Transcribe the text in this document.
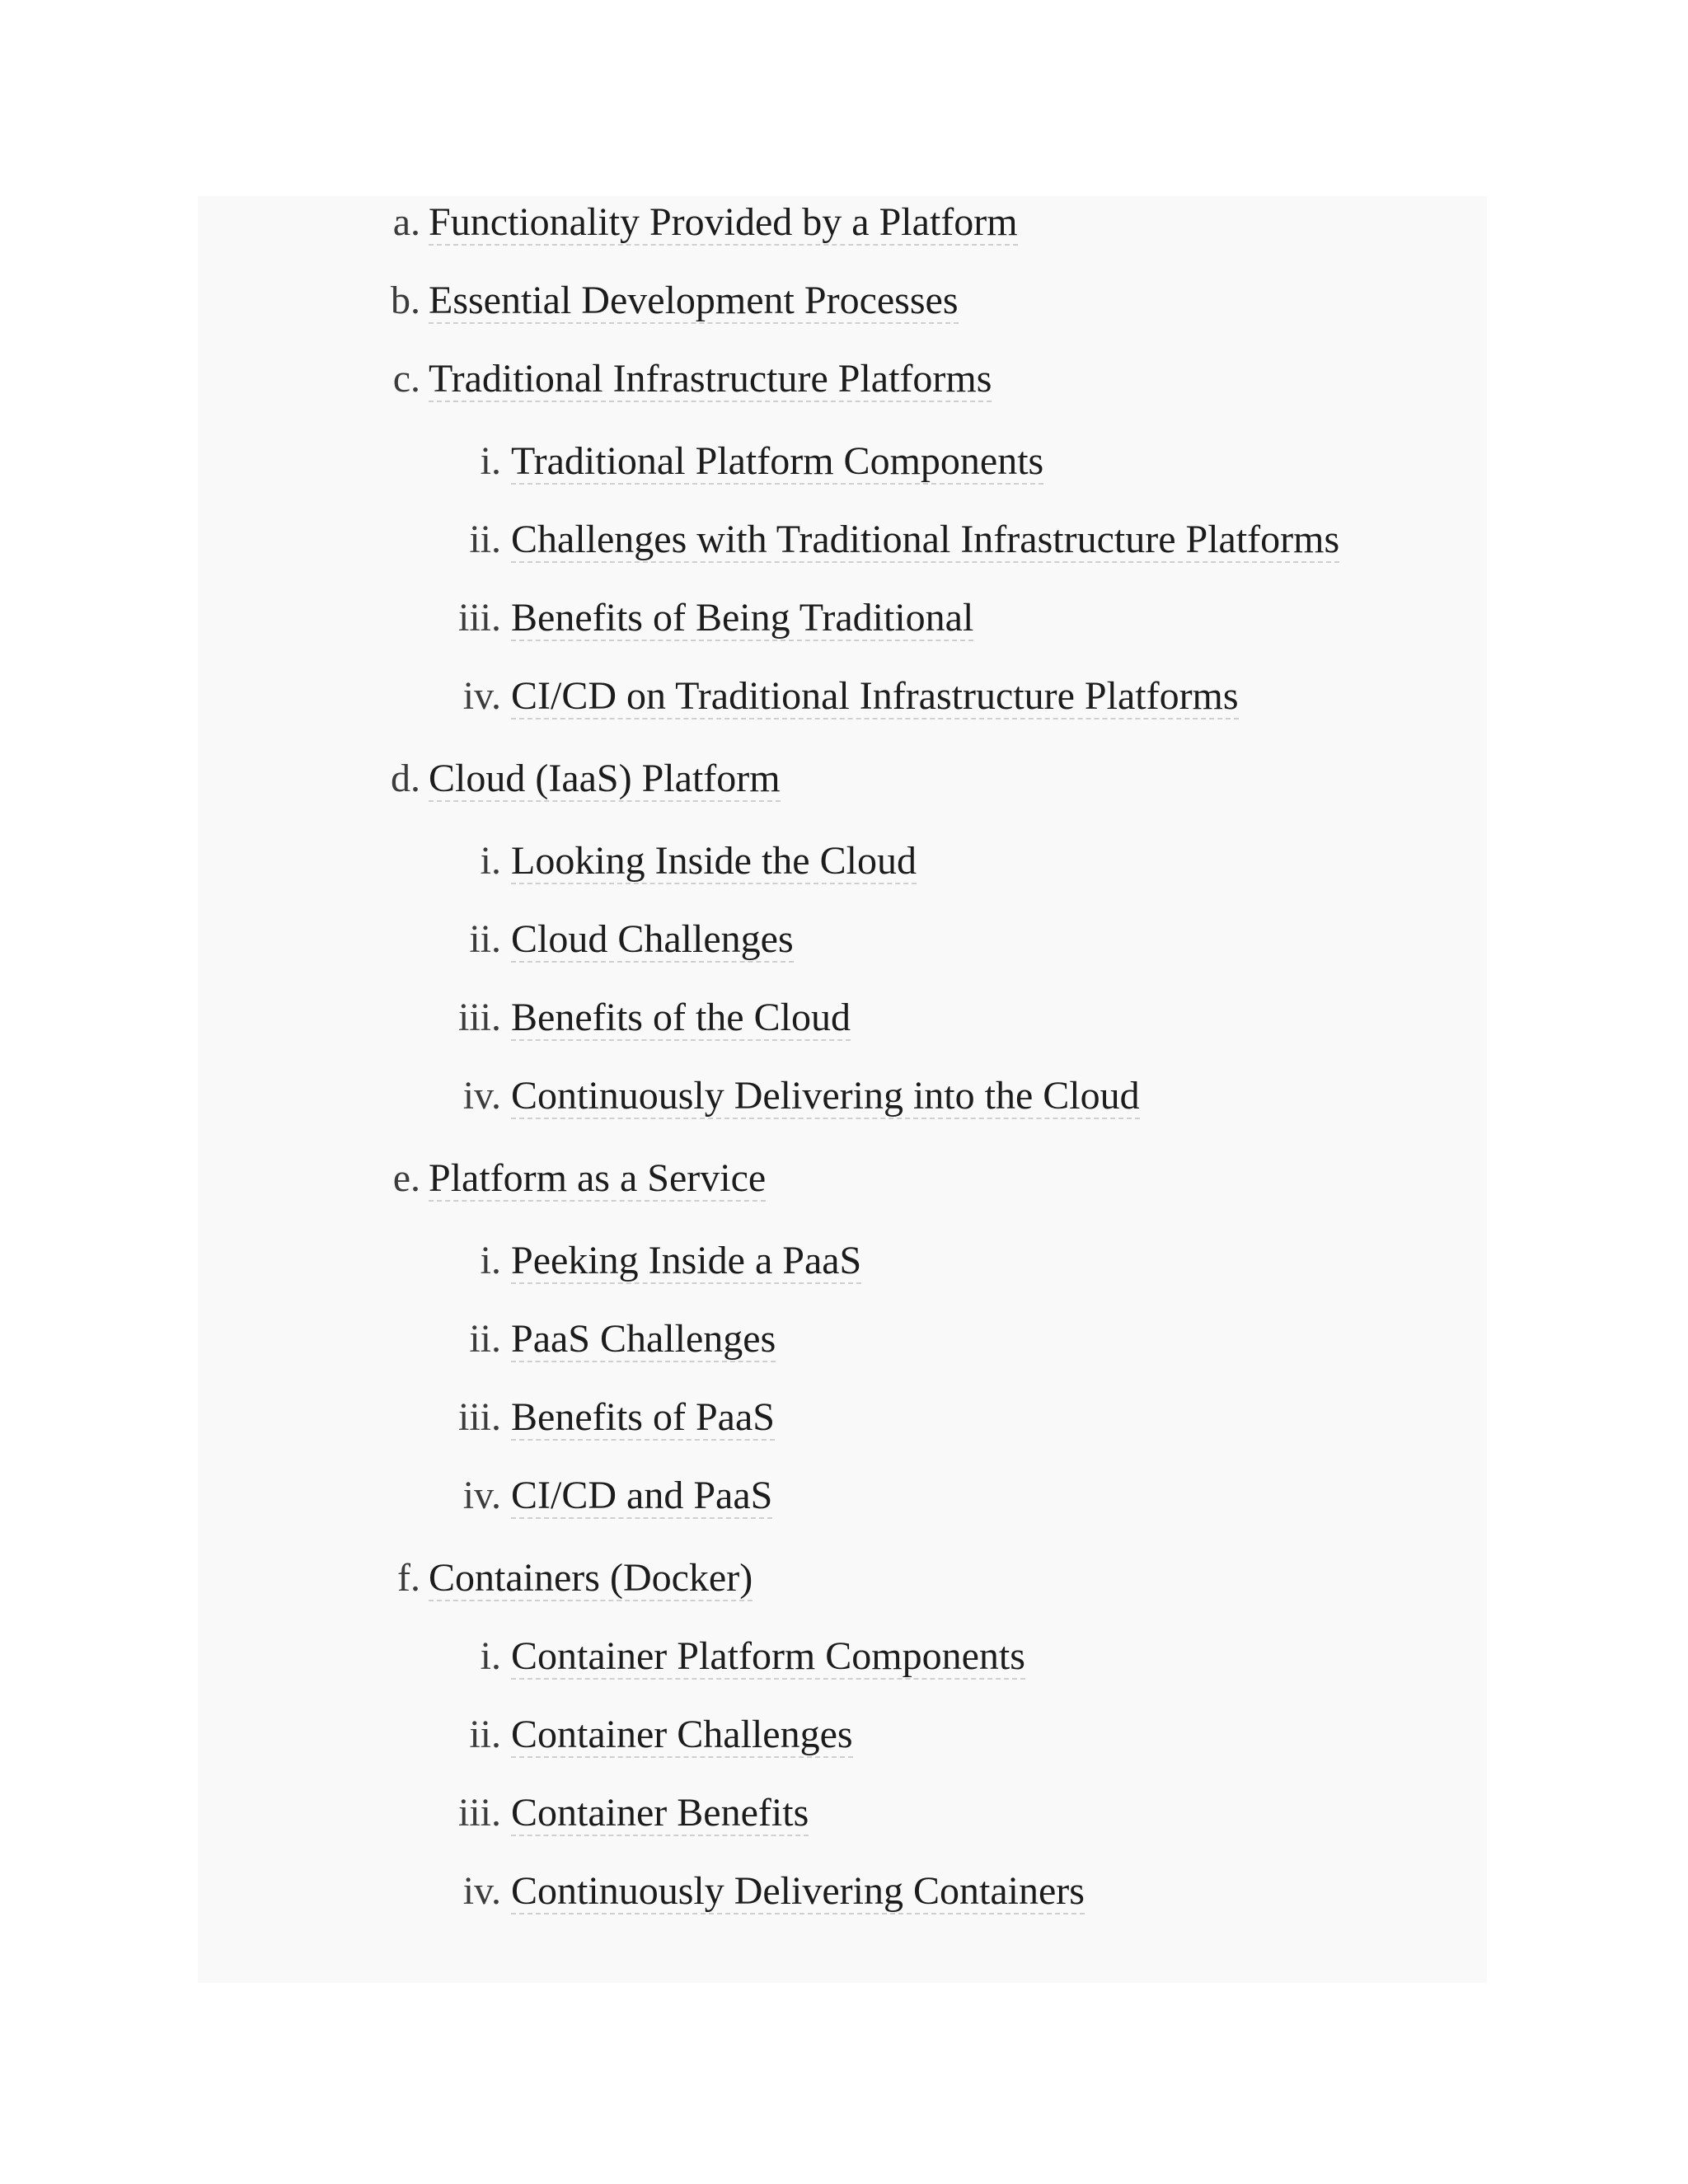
a. Functionality Provided by a Platform
b. Essential Development Processes
c. Traditional Infrastructure Platforms
i. Traditional Platform Components
ii. Challenges with Traditional Infrastructure Platforms
iii. Benefits of Being Traditional
iv. CI/CD on Traditional Infrastructure Platforms
d. Cloud (IaaS) Platform
i. Looking Inside the Cloud
ii. Cloud Challenges
iii. Benefits of the Cloud
iv. Continuously Delivering into the Cloud
e. Platform as a Service
i. Peeking Inside a PaaS
ii. PaaS Challenges
iii. Benefits of PaaS
iv. CI/CD and PaaS
f. Containers (Docker)
i. Container Platform Components
ii. Container Challenges
iii. Container Benefits
iv. Continuously Delivering Containers
